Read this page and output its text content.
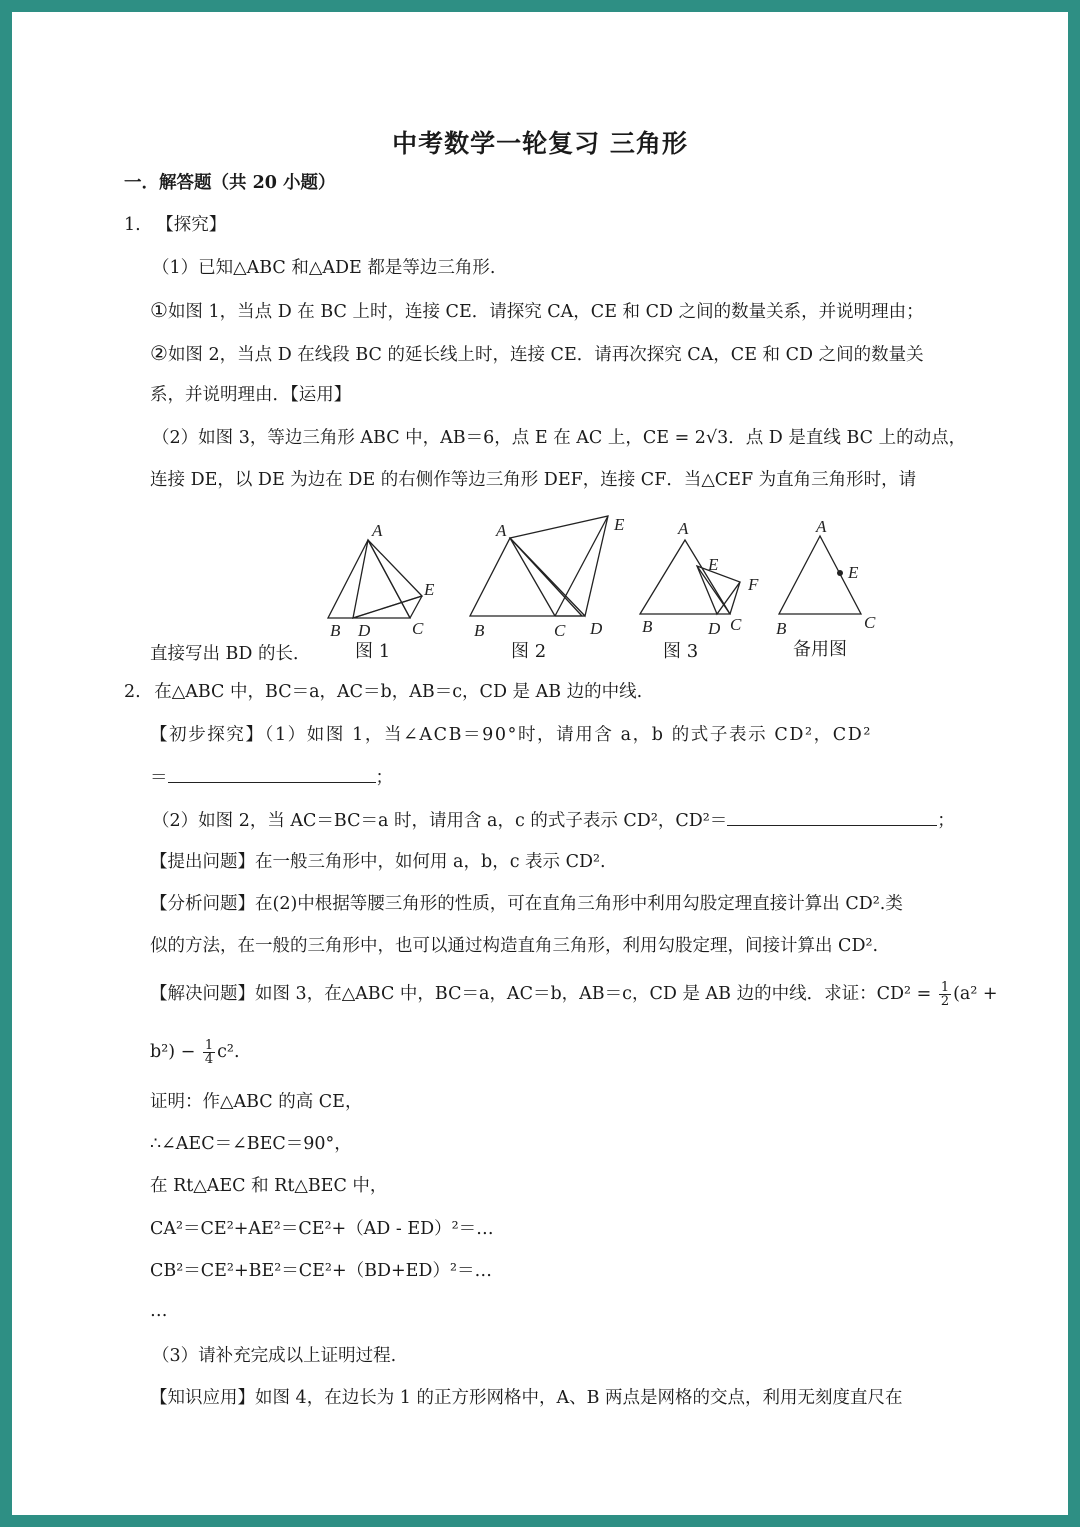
中考数学一轮复习 三角形
一．解答题（共 20 小题）
1. 【探究】
（1）已知△ABC 和△ADE 都是等边三角形.
①如图 1，当点 D 在 BC 上时，连接 CE．请探究 CA，CE 和 CD 之间的数量关系，并说明理由；
②如图 2，当点 D 在线段 BC 的延长线上时，连接 CE．请再次探究 CA，CE 和 CD 之间的数量关
系，并说明理由．【运用】
（2）如图 3，等边三角形 ABC 中，AB＝6，点 E 在 AC 上，CE = 2√3．点 D 是直线 BC 上的动点，
连接 DE，以 DE 为边在 DE 的右侧作等边三角形 DEF，连接 CF．当△CEF 为直角三角形时，请
直接写出 BD 的长．
A
E
B D C
A	E
B	C D
A
E
F
B	D C
A
E
B	C
图 1	图 2	图 3	备用图
2. 在△ABC 中，BC＝a，AC＝b，AB＝c，CD 是 AB 边的中线.
【初步探究】（1）如图 1，当∠ACB＝90°时，请用含 a，b 的式子表示 CD²，CD²
＝	；
（2）如图 2，当 AC＝BC＝a 时，请用含 a，c 的式子表示 CD²，CD²＝	；
【提出问题】在一般三角形中，如何用 a，b，c 表示 CD².
【分析问题】在(2)中根据等腰三角形的性质，可在直角三角形中利用勾股定理直接计算出 CD².类
似的方法，在一般的三角形中，也可以通过构造直角三角形，利用勾股定理，间接计算出 CD².
【解决问题】如图 3，在△ABC 中，BC＝a，AC＝b，AB＝c，CD 是 AB 边的中线．求证：$CD^2 = \frac{1}{2} (a^2$ +
$b^2) - \frac{1}{4} c^2$.
证明：作△ABC 的高 CE，
∴∠AEC＝∠BEC＝90°，
在 Rt△AEC 和 Rt△BEC 中，
CA²＝CE²+AE²＝CE²+（AD - ED）²＝…
CB²＝CE²+BE²＝CE²+（BD+ED）²＝…
…
（3）请补充完成以上证明过程.
【知识应用】如图 4，在边长为 1 的正方形网格中，A、B 两点是网格的交点，利用无刻度直尺在
